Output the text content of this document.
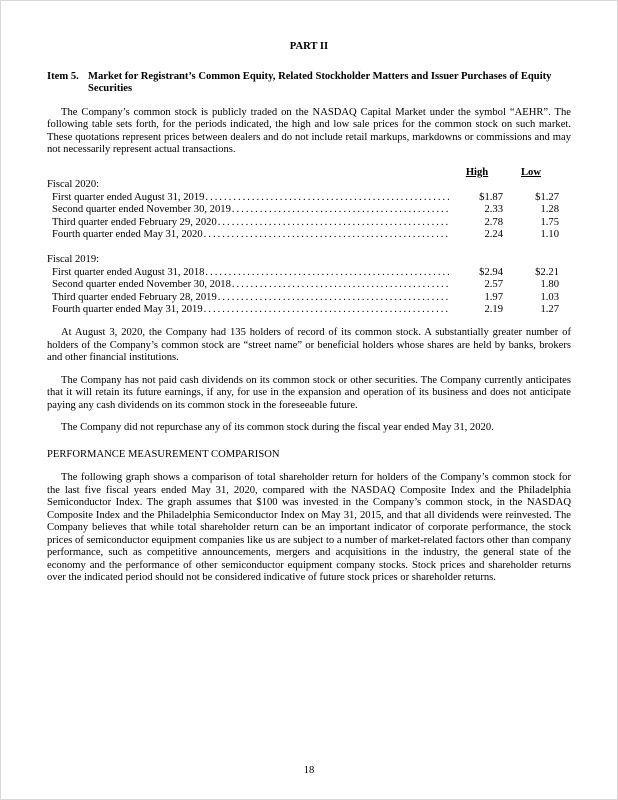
PART II
Item 5. Market for Registrant’s Common Equity, Related Stockholder Matters and Issuer Purchases of Equity Securities

The Company’s common stock is publicly traded on the NASDAQ Capital Market under the symbol “AEHR”. The following table sets forth, for the periods indicated, the high and low sale prices for the common stock on such market. These quotations represent prices between dealers and do not include retail markups, markdowns or commissions and may not necessarily represent actual transactions.

High	Low
Fiscal 2020:
First quarter ended August 31, 2019 .....	$1.87	$1.27
Second quarter ended November 30, 2019 .....	2.33	1.28
Third quarter ended February 29, 2020 .....	2.78	1.75
Fourth quarter ended May 31, 2020 .....	2.24	1.10
Fiscal 2019:
First quarter ended August 31, 2018 .....	$2.94	$2.21
Second quarter ended November 30, 2018 .....	2.57	1.80
Third quarter ended February 28, 2019 .....	1.97	1.03
Fourth quarter ended May 31, 2019 .....	2.19	1.27

At August 3, 2020, the Company had 135 holders of record of its common stock. A substantially greater number of holders of the Company’s common stock are “street name” or beneficial holders whose shares are held by banks, brokers and other financial institutions.

The Company has not paid cash dividends on its common stock or other securities. The Company currently anticipates that it will retain its future earnings, if any, for use in the expansion and operation of its business and does not anticipate paying any cash dividends on its common stock in the foreseeable future.

The Company did not repurchase any of its common stock during the fiscal year ended May 31, 2020.

PERFORMANCE MEASUREMENT COMPARISON

The following graph shows a comparison of total shareholder return for holders of the Company’s common stock for the last five fiscal years ended May 31, 2020, compared with the NASDAQ Composite Index and the Philadelphia Semiconductor Index. The graph assumes that $100 was invested in the Company’s common stock, in the NASDAQ Composite Index and the Philadelphia Semiconductor Index on May 31, 2015, and that all dividends were reinvested. The Company believes that while total shareholder return can be an important indicator of corporate performance, the stock prices of semiconductor equipment companies like us are subject to a number of market-related factors other than company performance, such as competitive announcements, mergers and acquisitions in the industry, the general state of the economy and the performance of other semiconductor equipment company stocks. Stock prices and shareholder returns over the indicated period should not be considered indicative of future stock prices or shareholder returns.

18
